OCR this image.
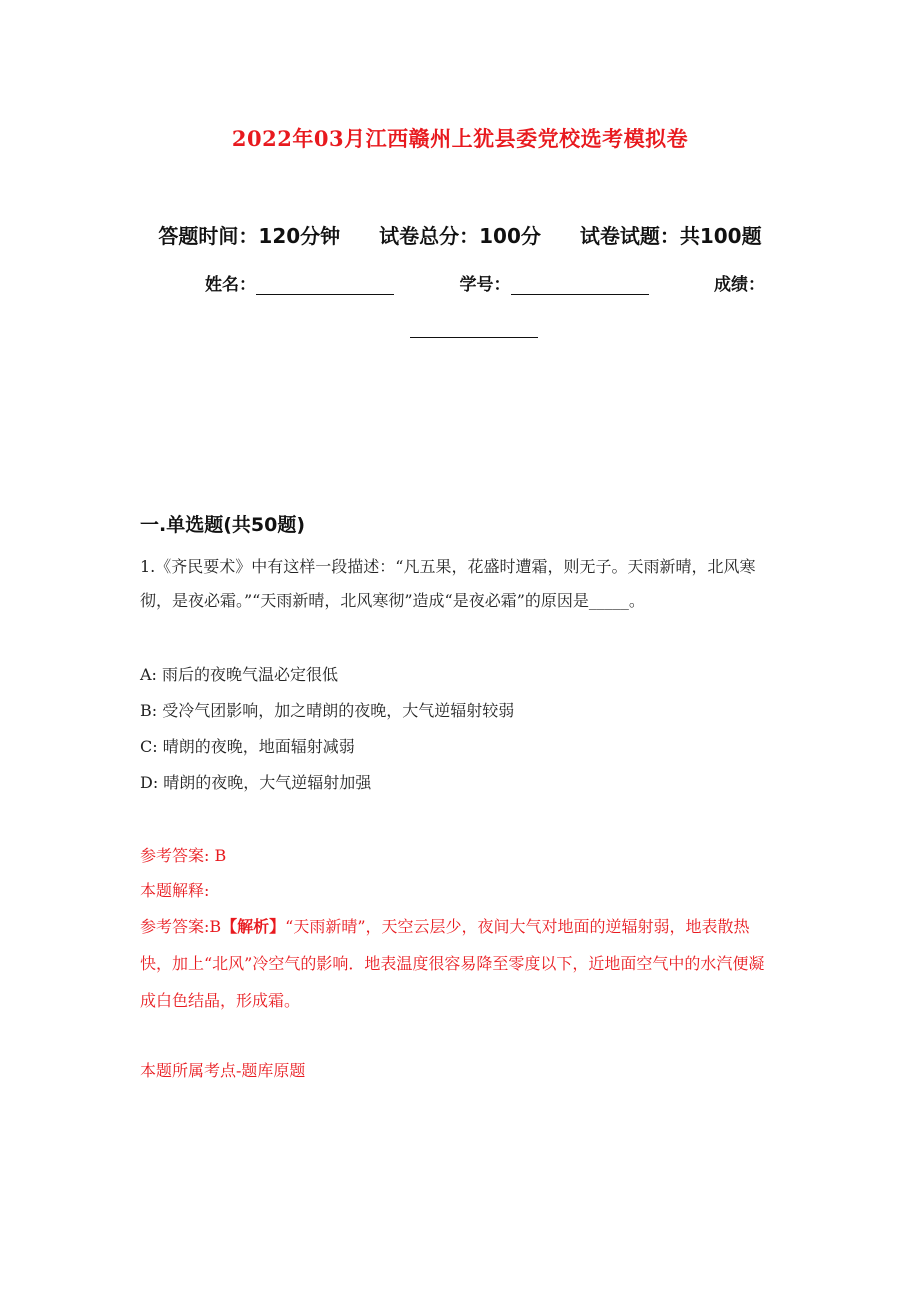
2022年03月江西赣州上犹县委党校选考模拟卷
答题时间：120分钟 试卷总分：100分 试卷试题：共100题
姓名：	学号：	成绩：
一.单选题(共50题)
1.《齐民要术》中有这样一段描述：“凡五果，花盛时遭霜，则无子。天雨新晴，北风寒彻，是夜必霜。”“天雨新晴，北风寒彻”造成“是夜必霜”的原因是_____。
A: 雨后的夜晚气温必定很低
B: 受冷气团影响，加之晴朗的夜晚，大气逆辐射较弱
C: 晴朗的夜晚，地面辐射减弱
D: 晴朗的夜晚，大气逆辐射加强
参考答案: B
本题解释:
参考答案:B【解析】“天雨新晴”，天空云层少，夜间大气对地面的逆辐射弱，地表散热快，加上“北风”冷空气的影响．地表温度很容易降至零度以下，近地面空气中的水汽便凝成白色结晶，形成霜。
本题所属考点-题库原题
